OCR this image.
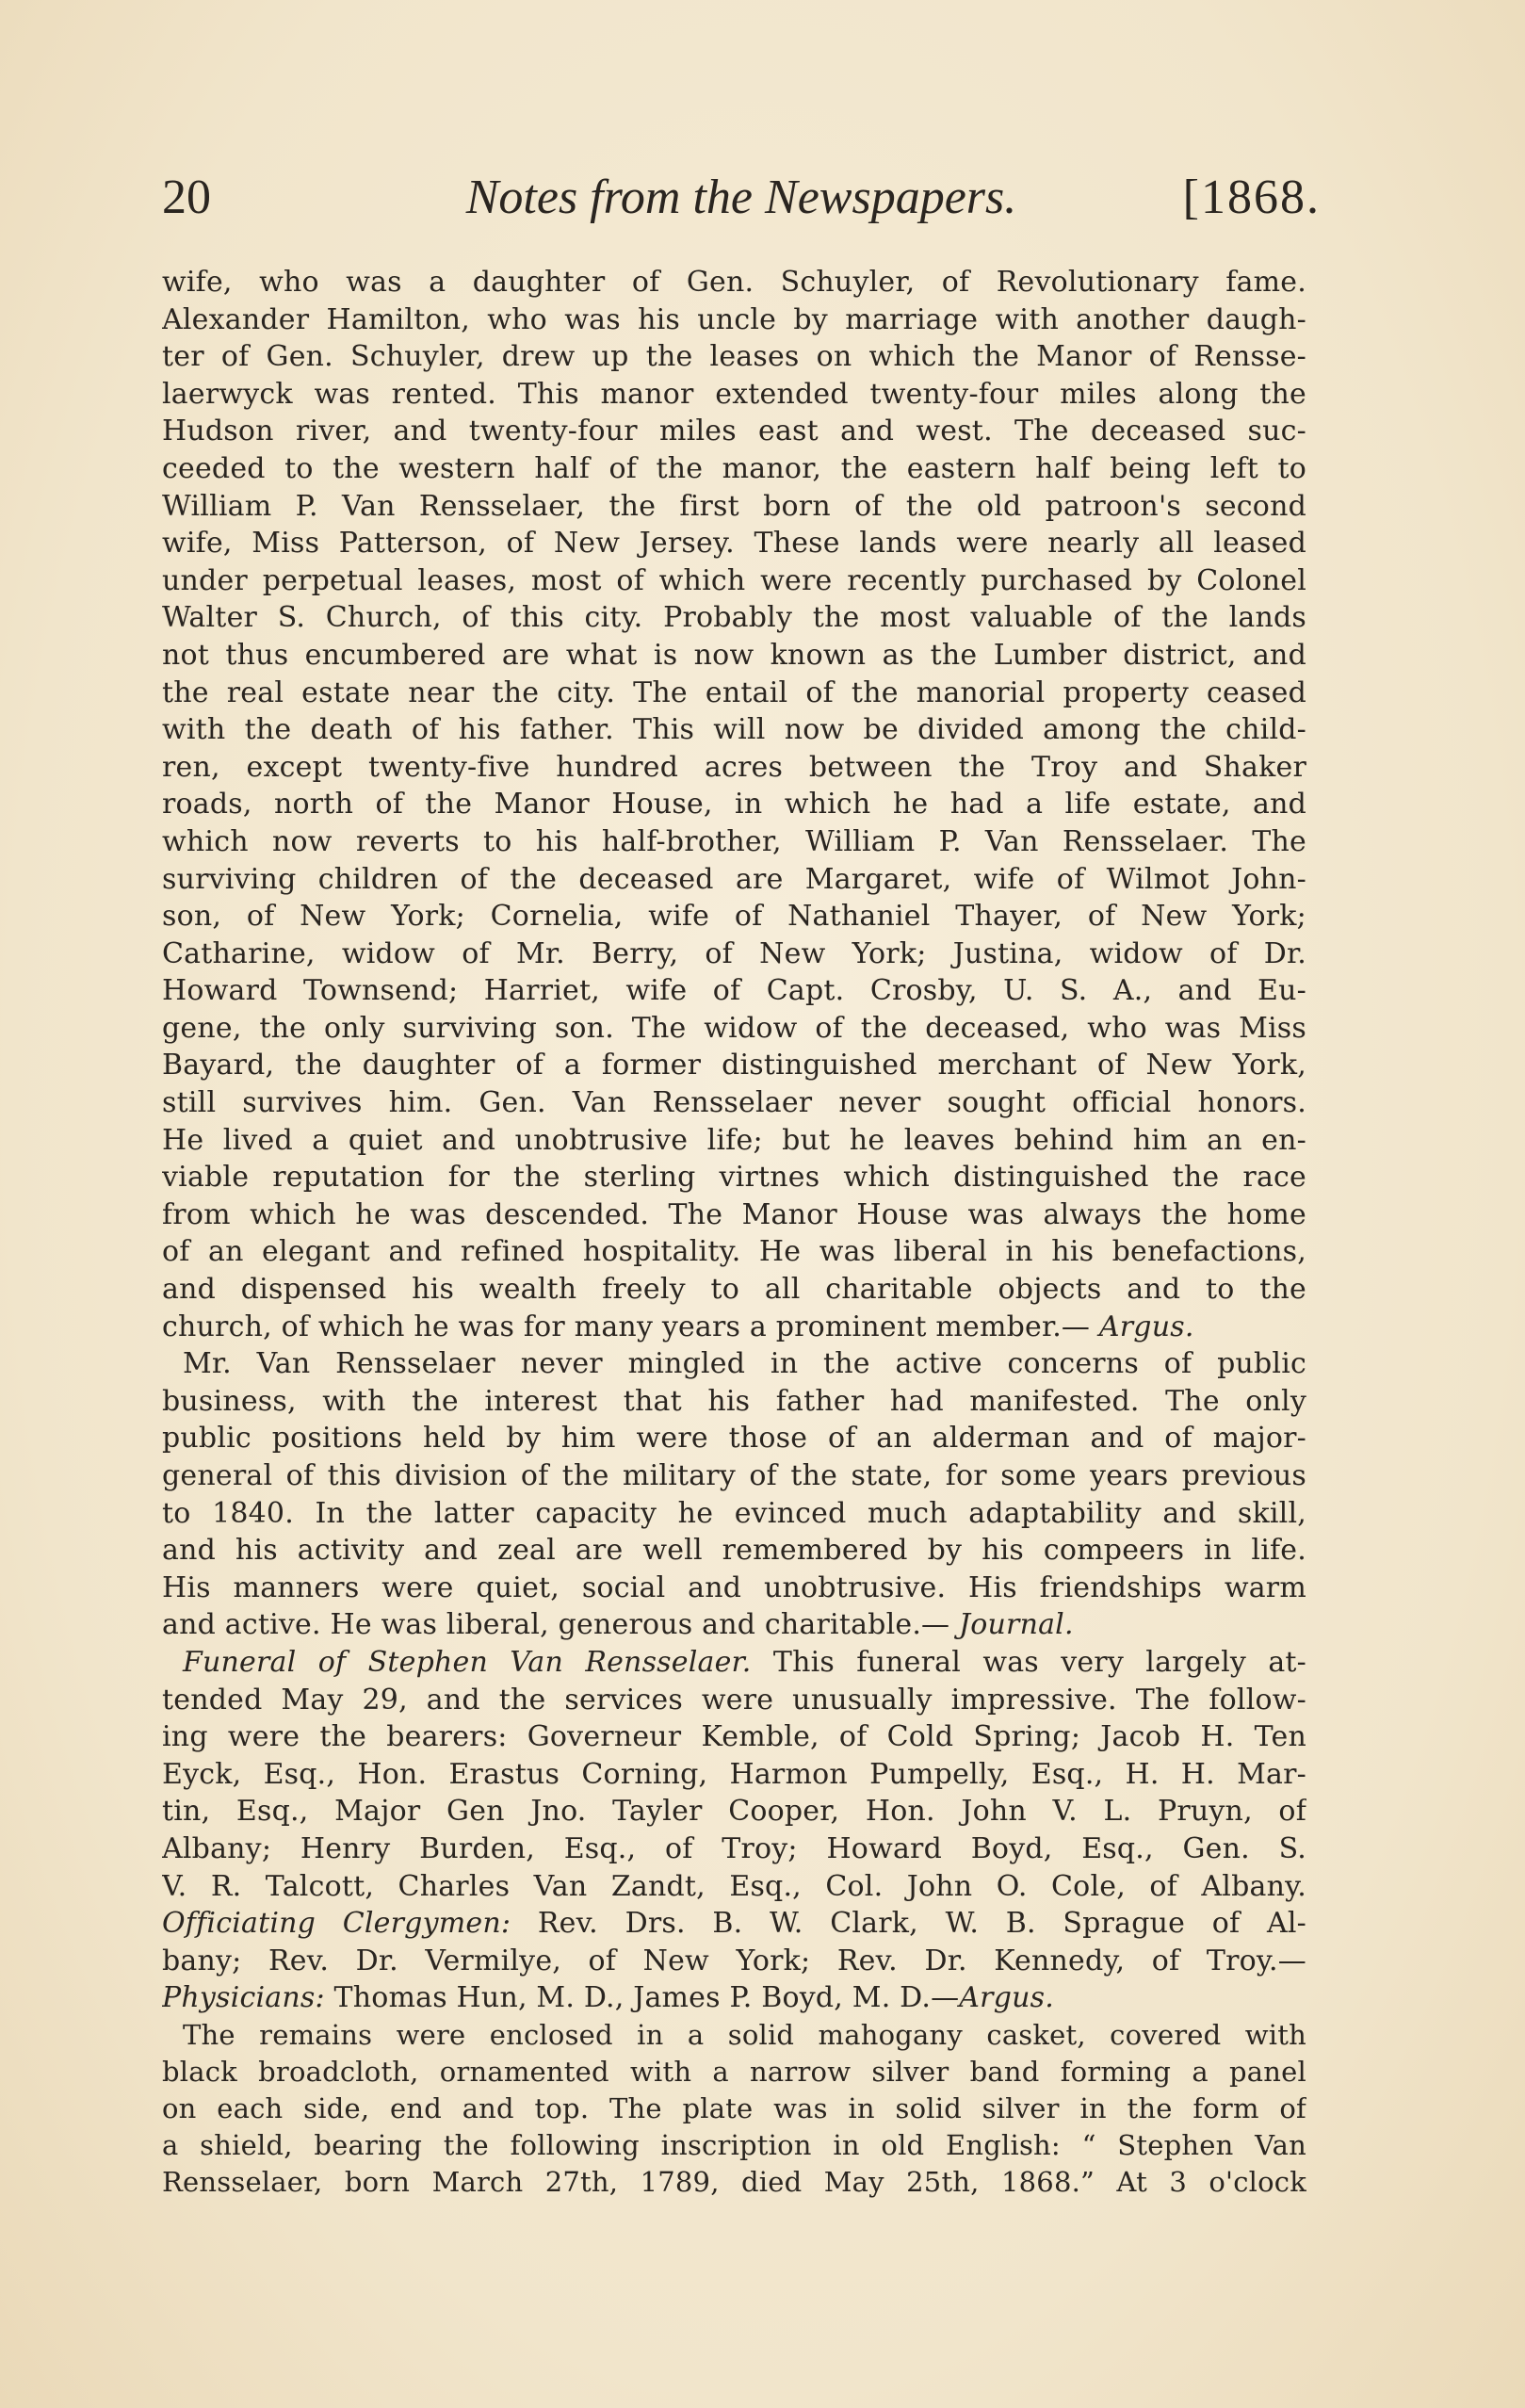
20	Notes from the Newspapers.	[1868.
wife, who was a daughter of Gen. Schuyler, of Revolutionary fame.
Alexander Hamilton, who was his uncle by marriage with another daugh-
ter of Gen. Schuyler, drew up the leases on which the Manor of Rensse-
laerwyck was rented. This manor extended twenty-four miles along the
Hudson river, and twenty-four miles east and west. The deceased suc-
ceeded to the western half of the manor, the eastern half being left to
William P. Van Rensselaer, the first born of the old patroon's second
wife, Miss Patterson, of New Jersey. These lands were nearly all leased
under perpetual leases, most of which were recently purchased by Colonel
Walter S. Church, of this city. Probably the most valuable of the lands
not thus encumbered are what is now known as the Lumber district, and
the real estate near the city. The entail of the manorial property ceased
with the death of his father. This will now be divided among the child-
ren, except twenty-five hundred acres between the Troy and Shaker
roads, north of the Manor House, in which he had a life estate, and
which now reverts to his half-brother, William P. Van Rensselaer. The
surviving children of the deceased are Margaret, wife of Wilmot John-
son, of New York; Cornelia, wife of Nathaniel Thayer, of New York;
Catharine, widow of Mr. Berry, of New York; Justina, widow of Dr.
Howard Townsend; Harriet, wife of Capt. Crosby, U. S. A., and Eu-
gene, the only surviving son. The widow of the deceased, who was Miss
Bayard, the daughter of a former distinguished merchant of New York,
still survives him. Gen. Van Rensselaer never sought official honors.
He lived a quiet and unobtrusive life; but he leaves behind him an en-
viable reputation for the sterling virtnes which distinguished the race
from which he was descended. The Manor House was always the home
of an elegant and refined hospitality. He was liberal in his benefactions,
and dispensed his wealth freely to all charitable objects and to the
church, of which he was for many years a prominent member.— Argus.
Mr. Van Rensselaer never mingled in the active concerns of public
business, with the interest that his father had manifested. The only
public positions held by him were those of an alderman and of major-
general of this division of the military of the state, for some years previous
to 1840. In the latter capacity he evinced much adaptability and skill,
and his activity and zeal are well remembered by his compeers in life.
His manners were quiet, social and unobtrusive. His friendships warm
and active. He was liberal, generous and charitable.— Journal.
Funeral of Stephen Van Rensselaer. This funeral was very largely at-
tended May 29, and the services were unusually impressive. The follow-
ing were the bearers: Governeur Kemble, of Cold Spring; Jacob H. Ten
Eyck, Esq., Hon. Erastus Corning, Harmon Pumpelly, Esq., H. H. Mar-
tin, Esq., Major Gen Jno. Tayler Cooper, Hon. John V. L. Pruyn, of
Albany; Henry Burden, Esq., of Troy; Howard Boyd, Esq., Gen. S.
V. R. Talcott, Charles Van Zandt, Esq., Col. John O. Cole, of Albany.
Officiating Clergymen: Rev. Drs. B. W. Clark, W. B. Sprague of Al-
bany; Rev. Dr. Vermilye, of New York; Rev. Dr. Kennedy, of Troy.—
Physicians: Thomas Hun, M. D., James P. Boyd, M. D.—Argus.
The remains were enclosed in a solid mahogany casket, covered with
black broadcloth, ornamented with a narrow silver band forming a panel
on each side, end and top. The plate was in solid silver in the form of
a shield, bearing the following inscription in old English: “ Stephen Van
Rensselaer, born March 27th, 1789, died May 25th, 1868.” At 3 o'clock
